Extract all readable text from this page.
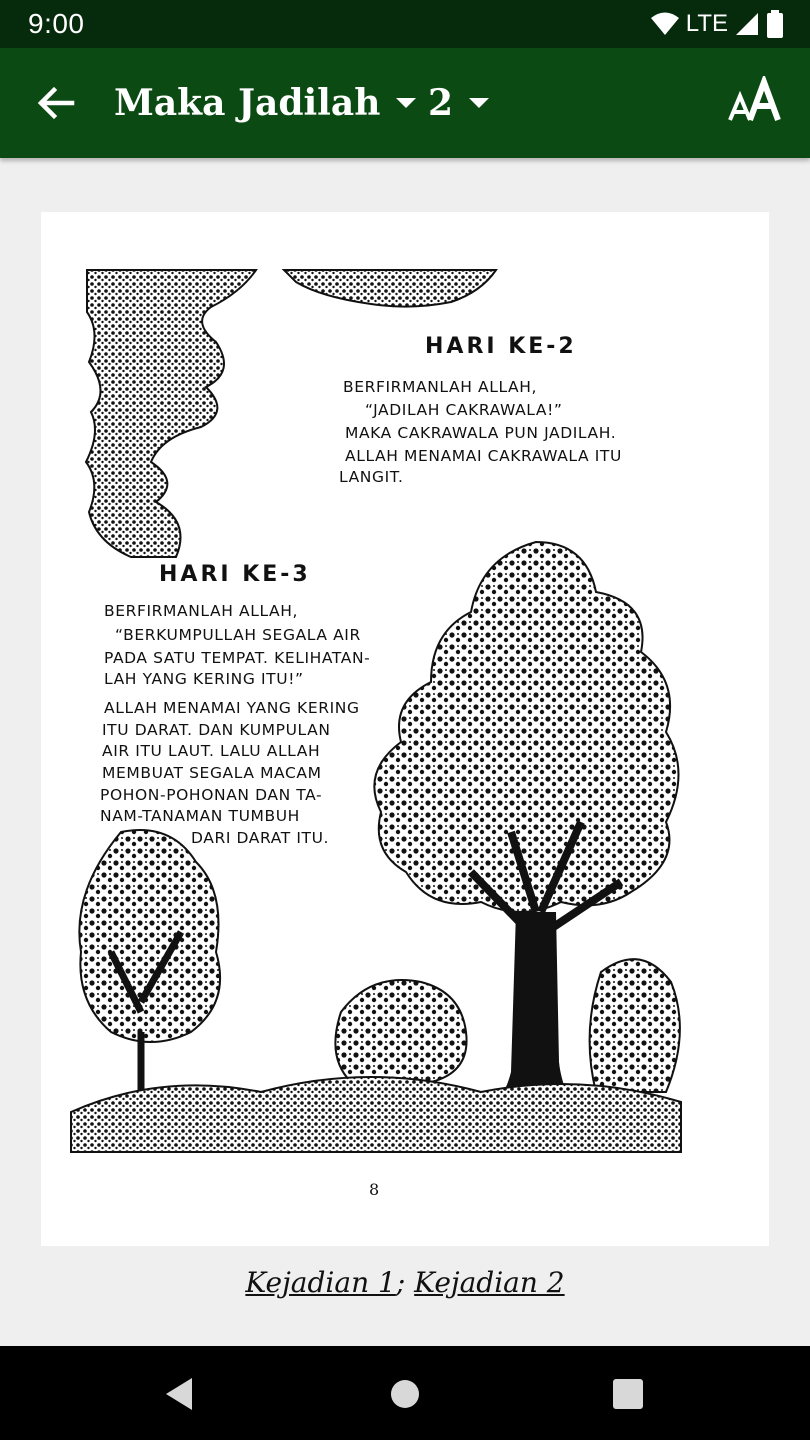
9:00	LTE
Maka Jadilah 2
HARI KE-2
BERFIRMANLAH ALLAH,
“JADILAH CAKRAWALA!”
MAKA CAKRAWALA PUN JADILAH.
ALLAH MENAMAI CAKRAWALA ITU
LANGIT.
HARI KE-3
BERFIRMANLAH ALLAH,
“BERKUMPULLAH SEGALA AIR
PADA SATU TEMPAT. KELIHATAN-
LAH YANG KERING ITU!”
ALLAH MENAMAI YANG KERING
ITU DARAT. DAN KUMPULAN
AIR ITU LAUT. LALU ALLAH
MEMBUAT SEGALA MACAM
POHON-POHONAN DAN TA-
NAM-TANAMAN TUMBUH
DARI DARAT ITU.
8
Kejadian 1; Kejadian 2
